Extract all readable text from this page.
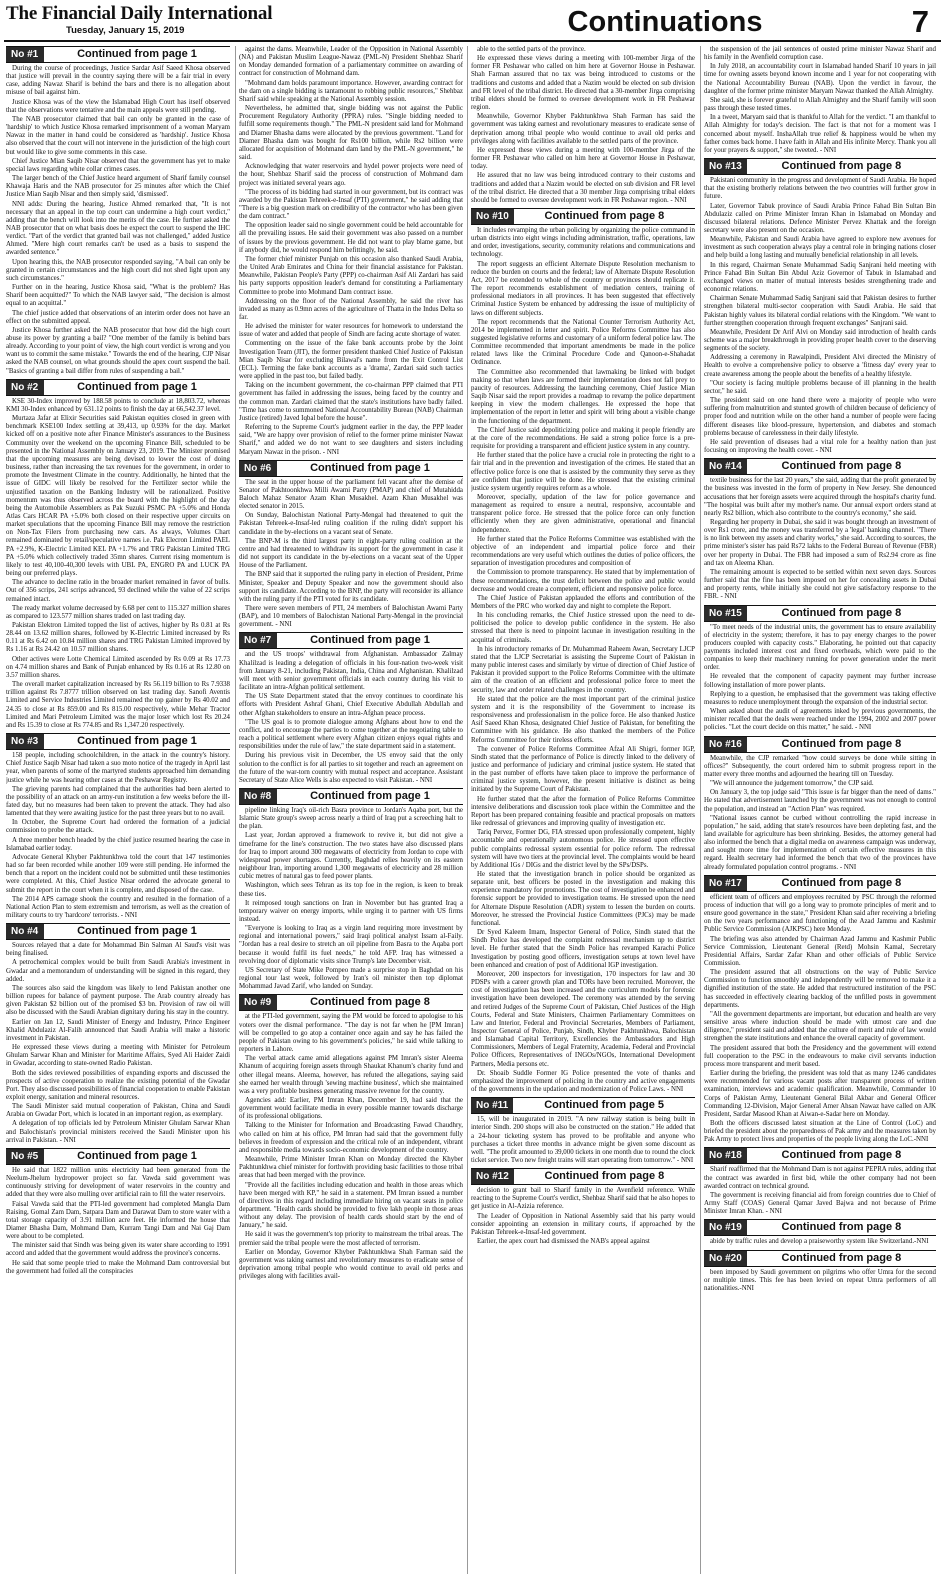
The Financial Daily International
Tuesday, January 15, 2019	Continuations	7
No #1	Continued from page 1

During the course of proceedings, Justice Sardar Asif Saeed Khosa observed that justice will prevail in the country saying there will be a fair trial in every case, adding Nawaz Sharif is behind the bars and there is no allegation about misuse of bail against him.

Justice Khosa was of the view the Islamabad High Court has itself observed that the observations were tentative and the main appeals were still pending.

The NAB prosecutor claimed that bail can only be granted in the case of 'hardship' to which Justice Khosa remarked imprisonment of a woman Maryam Nawaz in the matter in hand could be considered as 'hardship'. Justice Khosa also observed that the court will not intervene in the jurisdiction of the high court but would like to give some comments in this case.

Chief Justice Mian Saqib Nisar observed that the government has yet to make special laws regarding white collar crimes cases.

The larger bench of the Chief Justice heard argument of Sharif family counsel Khawaja Haris and the NAB prosecutor for 25 minutes after which the Chief Justice Mian Saqib Nisar and then simply said, 'dismissed'.

NNI adds: During the hearing, Justice Ahmed remarked that, "It is not necessary that an appeal in the top court can undermine a high court verdict," adding that the bench will look into the merits of the case. He further asked the NAB prosecutor that on what basis does he expect the court to suspend the IHC verdict. "Part of the verdict that granted bail was not challenged," added Justice Ahmed. "Mere high court remarks can't be used as a basis to suspend the awarded sentence."

Upon hearing this, the NAB prosecutor responded saying, "A bail can only be granted in certain circumstances and the high court did not shed light upon any such circumstances."

Further on in the hearing, Justice Khosa said, "What is the problem? Has Sharif been acquitted?" To which the NAB lawyer said, "The decision is almost equal to an acquittal."

The chief justice added that observations of an interim order does not have an effect on the submitted appeal.

Justice Khosa further asked the NAB prosecutor that how did the high court abuse its power by granting a bail? "One member of the family is behind bars already. According to your point of view, the high court verdict is wrong and you want us to commit the same mistake." Towards the end of the hearing, CJP Nisar asked the NAB counsel, on what grounds should the apex court suspend the bail. "Basics of granting a bail differ from rules of suspending a bail."

No #2	Continued from page 1

KSE 30-Index improved by 188.58 points to conclude at 18,803.72, whereas KMI 30-Index enhanced by 631.12 points to finish the day at 66,542.37 level.

Murtaza Jafar at Elixir Securities said Pakistan equities closed in green with benchmark KSE100 Index settling at 39,413, up 0.93% for the day. Market kicked off on a positive note after Finance Minister's assurances to the Business Community over the weekend on the upcoming Finance Bill, scheduled to be presented in the National Assembly on January 23, 2019. The Minister promised that the upcoming measures are being devised to lower the cost of doing business, rather than increasing the tax revenues for the government, in order to promote the Investment Climate in the country. Additionally, he hinted that the issue of GIDC will likely be resolved for the Fertilizer sector while the unjustified taxation on the Banking Industry will be rationalized. Positive momentum was thus observed across the board with the highlight of the day being the Automobile Assemblers as Pak Suzuki PSMC PA +5.0% and Honda Atlas Cars HCAR PA +5.0% both closed on their respective upper circuits on market speculations that the upcoming Finance Bill may remove the restriction on Non-Tax Filers from purchasing new cars. As always, Volumes Chart remained dominated by retail/speculative names i.e. Pak Elecron Limited PAEL PA +2.9%, K-Electric Limited KEL PA +1.7% and TRG Pakistan Limited TRG PA +5.0% which collectively traded 35mn shares. Current rising momentum is likely to test 40,100-40,300 levels with UBL PA, ENGRO PA and LUCK PA being our preferred plays.

The advance to decline ratio in the broader market remained in favor of bulls. Out of 356 scrips, 241 scrips advanced, 93 declined while the value of 22 scrips remained intact.

The ready market volume decreased by 6.68 per cent to 115.327 million shares as compared to 123.577 million shares traded on last trading day.

Pakistan Elektron Limited topped the list of actives, higher by Rs 0.81 at Rs 28.44 on 13.62 million shares, followed by K-Electric Limited increased by Rs 0.11 at Rs 6.42 on 10.84 million shares and TRG Pakistan Limited improved by Rs 1.16 at Rs 24.42 on 10.57 million shares.

Other actives were Lotte Chemical Limited ascended by Rs 0.09 at Rs 17.73 on 4.74 million shares and Bank of Punjab enhanced by Rs 0.16 at Rs 12.80 on 3.57 million shares.

The overall market capitalization increased by Rs 56.119 billion to Rs 7.9338 trillion against Rs 7.8777 trillion observed on last trading day. Sanofi Aventis Limited and Service Industries Limited remained the top gainer by Rs 40.02 and 24.35 to close at Rs 859.00 and Rs 815.00 respectively, while Mehar Tractor Limited and Mari Petroleum Limited was the major loser which lost Rs 20.24 and Rs 15.39 to close at Rs 774.85 and Rs 1,347.20 respectively.

No #3	Continued from page 1

158 people, including schoolchildren, in the attack in the country's history. Chief Justice Saqib Nisar had taken a suo moto notice of the tragedy in April last year, when parents of some of the martyred students approached him demanding justice while he was hearing other cases at the Peshawar Registry.

The grieving parents had complained that the authorities had been alerted to the possibility of an attack on an army-run institution a few weeks before the ill-fated day, but no measures had been taken to prevent the attack. They had also lamented that they were awaiting justice for the past three years but to no avail.

In October, the Supreme Court had ordered the formation of a judicial commission to probe the attack.

A three member bench headed by the chief justice resumed hearing the case in Islamabad earlier today.

Advocate General Khyber Pakhtunkhwa told the court that 147 testimonies had so far been recorded while another 109 were still pending. He informed the bench that a report on the incident could not be submitted until these testimonies were completed. At this, Chief Justice Nisar ordered the advocate general to submit the report in the court when it is complete, and disposed of the case.

The 2014 APS carnage shook the country and resulted in the formation of a National Action Plan to stem extremism and terrorism, as well as the creation of military courts to try 'hardcore' terrorists. - NNI

No #4	Continued from page 1

Sources relayed that a date for Mohammad Bin Salman Al Saud's visit was being finalised.

A petrochemical complex would be built from Saudi Arabia's investment in Gwadar and a memorandum of understanding will be signed in this regard, they added.

The sources also said the kingdom was likely to lend Pakistan another one billion rupees for balance of payment purpose. The Arab country already has given Pakistan $2 billion out of the promised $3 bn. Provision of raw oil will also be discussed with the Saudi Arabian dignitary during his stay in the country.

Earlier on Jan 12, Saudi Minister of Energy and Industry, Prince Engineer Khalid Abdulaziz Al-Falih announced that Saudi Arabia will make a historic investment in Pakistan.

He expressed these views during a meeting with Minister for Petroleum Ghulam Sarwar Khan and Minister for Maritime Affairs, Syed Ali Haider Zaidi in Gwadar, according to state-owned Radio Pakistan.

Both the sides reviewed possibilities of expanding exports and discussed the prospects of active cooperation to realize the existing potential of the Gwadar Port. They also discussed possibilities of financial cooperation to enable Pakistan exploit energy, sanitation and mineral resources.

The Saudi Minister said mutual cooperation of Pakistan, China and Saudi Arabia on Gwadar Port, which is located in an important region, as exemplary.

A delegation of top officials led by Petroleum Minister Ghulam Sarwar Khan and Balochistan's provincial ministers received the Saudi Minister upon his arrival in Pakistan. - NNI

No #5	Continued from page 1

He said that 1822 million units electricity had been generated from the Neelum-Jhelum hydropower project so far. Vawda said government was continuously striving for development of water reservoirs in the country and added that they were also mulling over artificial rain to fill the water reservoirs.

Faisal Vawda said that the PTI-led government had completed Mangla Dam Raising, Gomal Zam Dam, Satpara Dam and Darawat Dam to store water with a total storage capacity of 3.91 million acre feet. He informed the house that Diamer Bhasha Dam, Mohmand Dam, Kurram Tangi Dam and Nai Gaj Dam were about to be completed.

The minister said that Sindh was being given its water share according to 1991 accord and added that the government would address the province's concerns.

He said that some people tried to make the Mohmand Dam controversial but the government had foiled all the conspiracies

against the dams. Meanwhile, Leader of the Opposition in National Assembly (NA) and Pakistan Muslim League-Nawaz (PML-N) President Shehbaz Sharif on Monday demanded formation of a parliamentary committee on awarding of contract for construction of Mohmand dam.

"Mohmand dam holds paramount importance. However, awarding contract for the dam on a single bidding is tantamount to robbing public resources," Shehbaz Sharif said while speaking at the National Assembly session.

Nevertheless, he admitted that, single bidding was not against the Public Procurement Regulatory Authority (PPRA) rules. "Single bidding needed to fulfill some requirements though." The PML-N president said land for Mohmand and Diamer Bhasha dams were allocated by the previous government. "Land for Diamer Bhasha dam was bought for Rs100 billion, while Rs2 billion were allocated for acquisition of Mohmand dam land by the PML-N government," he said.

Acknowledging that water reservoirs and hydel power projects were need of the hour, Shehbaz Sharif said the process of construction of Mohmand dam project was initiated several years ago.

"The process of its bidding had started in our government, but its contract was awarded by the Pakistan Tehreek-e-Insaf (PTI) government," he said adding that "There is a big question mark on credibility of the contractor who has been given the dam contract."

The opposition leader said no single government could be held accountable for all the prevailing issues. He said their government was also passed on a number of issues by the previous government. He did not want to play blame game, but if anybody did, he would respond him befittingly, he said.

The former chief minister Punjab on this occasion also thanked Saudi Arabia, the United Arab Emirates and China for their financial assistance for Pakistan. Meanwhile, Pakistan People's Party (PPP) co-chairman Asif Ali Zardari has said his party supports opposition leader's demand for constituting a Parliamentary Committee to probe into Mohmand Dam contract issue.

Addressing on the floor of the National Assembly, he said the river has invaded as many as 0.9mn acres of the agriculture of Thatta in the Indus Delta so far.

He advised the minister for water resources for homework to understand the issue of water and added that people of Sindh are facing acute shortage of water.

Commenting on the issue of the fake bank accounts probe by the Joint Investigation Team (JIT), the former president thanked Chief Justice of Pakistan Mian Saqib Nisar for excluding Bilawal's name from the Exit Control List (ECL). Terming the fake bank accounts as a 'drama', Zardari said such tactics were applied in the past too, but failed badly.

Taking on the incumbent government, the co-chairman PPP claimed that PTI government has failed in addressing the issues, being faced by the country and the common man. Zardari claimed that the state's institutions have badly failed. "Time has come to summoned National Accountability Bureau (NAB) Chairman Justice (retired) Javed Iqbal before the house".

Referring to the Supreme Court's judgment earlier in the day, the PPP leader said, "We are happy over provision of relief to the former prime minister Nawaz Sharif," and added we do not want to see daughters and sisters including Maryam Nawaz in the prison. - NNI

No #6	Continued from page 1

The seat in the upper house of the parliament fell vacant after the demise of Senator of Pakhtoonkhwa Milli Awami Party (PMAP) and chief of Mutahidda Baloch Mahaz Senator Azam Khan Musakhel. Azam Khan Musakhel was elected senator in 2015.

On Sunday, Balochistan National Party-Mengal had threatened to quit the Pakistan Tehreek-e-Insaf-led ruling coalition if the ruling didn't support his candidate in the by-elections on a vacant seat of Senate.

The BNP-M is the third largest party in eight-party ruling coalition at the centre and had threatened to withdraw its support for the government in case it did not support its candidate in the by-elections on a vacant seat of the Upper House of the Parliament.

The BNP said that it supported the ruling party in election of President, Prime Minister, Speaker and Deputy Speaker and now the government should also support its candidate. According to the BNP, the party will reconsider its alliance with the ruling party if the PTI voted for its candidate.

There were seven members of PTI, 24 members of Balochistan Awami Party (BAP), and 10 members of Balochistan National Party-Mengal in the provincial government. - NNI

No #7	Continued from page 1

and the US troops' withdrawal from Afghanistan. Ambassador Zalmay Khalilzad is leading a delegation of officials in his four-nation two-week visit from January 8-21, including Pakistan, India, China and Afghanistan. Khalilzad will meet with senior government officials in each country during his visit to facilitate an intra-Afghan political settlement.

The US State Department stated that the envoy continues to coordinate his efforts with President Ashraf Ghani, Chief Executive Abdullah Abdullah and other Afghan stakeholders to ensure an intra-Afghan peace process.

"The US goal is to promote dialogue among Afghans about how to end the conflict, and to encourage the parties to come together at the negotiating table to reach a political settlement where every Afghan citizen enjoys equal rights and responsibilities under the rule of law," the state department said in a statement.

During his previous visit in December, the US envoy said that the only solution to the conflict is for all parties to sit together and reach an agreement on the future of the war-torn country with mutual respect and acceptance. Assistant Secretary of State Alice Wells is also expected to visit Pakistan. - NNI

No #8	Continued from page 1

pipeline linking Iraq's oil-rich Basra province to Jordan's Aqaba port, but the Islamic State group's sweep across nearly a third of Iraq put a screeching halt to the plan.

Last year, Jordan approved a framework to revive it, but did not give a timeframe for the line's construction. The two states have also discussed plans for Iraq to import around 300 megawatts of electricity from Jordan to cope with widespread power shortages. Currently, Baghdad relies heavily on its eastern neighbour Iran, importing around 1,300 megawatts of electricity and 28 million cubic metres of natural gas to feed power plants.

Washington, which sees Tehran as its top foe in the region, is keen to break these ties.

It reimposed tough sanctions on Iran in November but has granted Iraq a temporary waiver on energy imports, while urging it to partner with US firms instead.

"Everyone is looking to Iraq as a virgin land requiring more investment by regional and international powers," said Iraqi political analyst Issam al-Faily. "Jordan has a real desire to stretch an oil pipeline from Basra to the Aqaba port because it would fulfil its fuel needs," he told AFP. Iraq has witnessed a revolving door of diplomatic visits since Trump's late December visit.

US Secretary of State Mike Pompeo made a surprise stop in Baghdad on his regional tour last week, followed by Iran's oil minister then top diplomat Mohammad Javad Zarif, who landed on Sunday.

No #9	Continued from page 8

at the PTI-led government, saying the PM would be forced to apologise to his voters over the dismal performance. "The day is not far when he [PM Imran] will be compelled to go atop a container once again and say he has failed the people of Pakistan owing to his government's policies," he said while talking to reporters in Lahore.

The verbal attack came amid allegations against PM Imran's sister Aleema Khanum of acquiring foreign assets through Shaukat Khanum's charity fund and other illegal means. Aleema, however, has refuted the allegations, saying said she earned her wealth through 'sewing machine business', which she maintained was a very profitable business generating massive revenue for the country.

Agencies add: Earlier, PM Imran Khan, December 19, had said that the government would facilitate media in every possible manner towards discharge of its professional obligations.

Talking to the Minister for Information and Broadcasting Fawad Chaudhry, who called on him at his office, PM Imran had said that the government fully believes in freedom of expression and the critical role of an independent, vibrant and responsible media towards socio-economic development of the country.

Meanwhile, Prime Minister Imran Khan on Monday directed the Khyber Pakhtunkhwa chief minister for forthwith providing basic facilities to those tribal areas that had been merged with the province.

"Provide all the facilities including education and health in those areas which have been merged with KP," he said in a statement. PM Imran issued a number of directives in this regard including immediate hiring on vacant seats in police department. "Health cards should be provided to five lakh people in those areas without any delay. The provision of health cards should start by the end of January," he said.

He said it was the government's top priority to mainstream the tribal areas. The premier said the tribal people were the most affected of terrorism.

Earlier on Monday, Governor Khyber Pakhtunkhwa Shah Farman said the government was taking earnest and revolutionary measures to eradicate sense of deprivation among tribal people who would continue to avail old perks and privileges along with facilities avail-

able to the settled parts of the province.

He expressed these views during a meeting with 100-member Jirga of the former FR Peshawar who called on him here at Governor House in Peshawar. Shah Farman assured that no tax was being introduced to customs or the traditions and customs and added that a Nazim would be elected on sub division and FR level of the tribal district. He directed that a 30-member Jirga comprising tribal elders should be formed to oversee development work in FR Peshawar region.

Meanwhile, Governor Khyber Pakhtunkhwa Shah Farman has said the government was taking earnest and revolutionary measures to eradicate sense of deprivation among tribal people who would continue to avail old perks and privileges along with facilities available to the settled parts of the province.

He expressed these views during a meeting with 100-member Jirga of the former FR Peshawar who called on him here at Governor House in Peshawar, today.

He assured that no law was being introduced contrary to their customs and traditions and added that a Nazim would be elected on sub division and FR level of the tribal district. He directed that a 30 member Jirga comprising tribal elders should be formed to oversee development work in FR Peshawar region. - NNI

No #10	Continued from page 8

It includes revamping the urban policing by organizing the police command in urban districts into eight wings including administration, traffic, operations, law and order, investigations, security, community relations and communications and technology.

The report suggests an efficient Alternate Dispute Resolution mechanism to reduce the burden on courts and the federal; law of Alternate Dispute Resolution Act, 2017 be extended to whole of the country or provinces should replicate it. The report recommends establishment of mediation centers, training of professional mediators in all provinces. It has been suggested that effectively Criminal Justice System be enhanced by addressing the issue of multiplicity of laws on different subjects.

The report recommends that the National Counter Terrorism Authority Act, 2014 be implemented in letter and spirit. Police Reforms Committee has also suggested legislative reforms and customary of a uniform federal police law. The Committee recommended that important amendments be made in the police related laws like the Criminal Procedure Code and Qanoon-e-Shahadat Ordinance.

The Committee also recommended that lawmaking be linked with budget making so that when laws are formed their implementation does not fall prey to paucity of resources. Addressing the launching ceremony, Chief Justice Mian Saqib Nisar said the report provides a roadmap to revamp the police department keeping in view the modern challenges. He expressed the hope that implementation of the report in letter and spirit will bring about a visible change in the functioning of the department.

The Chief Justice said depoliticizing police and making it people friendly are at the core of the recommendations. He said a strong police force is a pre-requisite for providing a transparent and efficient justice system in any country.

He further stated that the police have a crucial role in protecting the right to a fair trial and in the prevention and investigation of the crimes. He stated that an effective police force is one that is assisted by the community they serve as they are confident that justice will be done. He stressed that the existing criminal justice system urgently requires reform as a whole.

Moreover, specially, updation of the law for police governance and management as required to ensure a neutral, responsive, accountable and transparent police force. He stressed that the police force can only function efficiently when they are given administrative, operational and financial independence.

He further stated that the Police Reforms Committee was established with the objective of an independent and impartial police force and their recommendations are very useful which outlines the duties of police officers, the separation of investigation procedures and composition of

the Commission to promote transparency. He stated that by implementation of these recommendations, the trust deficit between the police and public would decrease and would create a competent, efficient and responsive police force.

The Chief Justice of Pakistan applauded the efforts and contribution of the Members of the PRC who worked day and night to complete the Report.

In his concluding remarks, the Chief Justice stressed upon the need to de-politicised the police to develop public confidence in the system. He also stressed that there is need to pinpoint lacunae in investigation resulting in the acquittal of criminals.

In his introductory remarks of Dr. Muhammad Raheem Awan, Secretary LJCP stated that the LJCP Secretariat is assisting the Supreme Court of Pakistan in many public interest cases and similarly by virtue of direction of Chief Justice of Pakistan it provided support to the Police Reforms Committee with the ultimate aim of the creation of an efficient and professional police force to meet the security, law and order related challenges in the country.

He stated that the police are the most important part of the criminal justice system and it is the responsibility of the Government to increase its responsiveness and professionalism in the police force. He also thanked Justice Asif Saeed Khan Khosa, designated Chief Justice of Pakistan, for benefiting the Committee with his guidance. He also thanked the members of the Police Reforms Committee for their tireless efforts.

The convener of Police Reforms Committee Afzal Ali Shigri, former IGP, Sindh stated that the performance of Police is directly linked to the delivery of justice and performance of judiciary and criminal justice system. He stated that in the past number of efforts have taken place to improve the performance of criminal justice system, however, the present initiative is distinct as being initiated by the Supreme Court of Pakistan.

He further stated that the after the formation of Police Reforms Committee intensive deliberations and discussion took place within the Committee and the Report has been prepared containing feasible and practical proposals on matters like redressal of grievances and improving quality of investigation etc.

Tariq Pervez, Former DG, FIA stressed upon professionally competent, highly accountable and operationally autonomous police. He stressed upon effective public complaints redressal system essential for police reform. The redressal system will have two tiers at the provincial level. The complaints would be heard by Additional IGs / DIGs and the district level by the SPs/DSPs.

He stated that the investigation branch in police should be organized as separate unit, best officers be posted in the investigation and making this experience mandatory for promotions. The cost of investigation be enhanced and forensic support be provided to investigation teams. He stressed upon the need for Alternate Dispute Resolution (ADR) system to lessen the burden on courts. Moreover, he stressed the Provincial Justice Committees (PJCs) may be made functional.

Dr Syed Kaleem Imam, Inspector General of Police, Sindh stated that the Sindh Police has developed the complaint redressal mechanism up to district level. He further stated that the Sindh Police has revamped Karachi Police Investigation by posting good officers, investigation setups at town level have been enhanced and creation of post of Additional IGP investigation.

Moreover, 200 inspectors for investigation, 170 inspectors for law and 30 PDSPs with a career growth plan and TORs have been recruited. Moreover, the cost of investigation has been increased and the curriculum models for forensic investigation have been developed. The ceremony was attended by the serving and retired Judges of the Supreme Court of Pakistan, Chief Justices of the High Courts, Federal and State Ministers, Chairmen Parliamentary Committees on Law and Interior, Federal and Provincial Secretaries, Members of Parliament, Inspector General of Police, Punjab, Sindh, Khyber Pakhtunkhwa, Balochistan and Islamabad Capital Territory, Excellencies the Ambassadors and High Commissioners, Members of Legal Fraternity, Academia, Federal and Provincial Police Officers, Representatives of INGOs/NGOs, International Development Partners, Media persons etc.

Dr. Shoaib Suddle Former IG Police presented the vote of thanks and emphasized the improvement of policing in the country and active engagements of the governments in the updation and modernization of Police Laws. - NNI

No #11	Continued from page 5

15, will be inaugurated in 2019. "A new railway station is being built in interior Sindh. 200 shops will also be constructed on the station." He added that a 24-hour ticketing system has proved to be profitable and anyone who purchases a ticket three months in advance might be given some discount as well. "The profit amounted to 39,000 tickets in one month due to round the clock ticket service. Two new freight trains will start operating from tomorrow." - NNI

No #12	Continued from page 8

decision to grant bail to Sharif family in the Avenfield reference. While reacting to the Supreme Court's verdict, Shehbaz Sharif said that he also hopes to get justice in Al-Azizia reference.

The Leader of Opposition in National Assembly said that his party would consider appointing an extension in military courts, if approached by the Pakistan Tehreek-e-Insaf-led government.

Earlier, the apex court had dismissed the NAB's appeal against

the suspension of the jail sentences of ousted prime minister Nawaz Sharif and his family in the Avenfield corruption case.

In July 2018, an accountability court in Islamabad handed Sharif 10 years in jail time for owning assets beyond known income and 1 year for not cooperating with the National Accountability Bureau (NAB). Upon the verdict in favour, the daughter of the former prime minister Maryam Nawaz thanked the Allah Almighty.

She said, she is forever grateful to Allah Almighty and the Sharif family will soon pass through these tested times.

In a tweet, Maryam said that is thankful to Allah for the verdict. "I am thankful to Allah Almighty for today's decision. The fact is that not for a moment was I concerned about myself. InshaAllah true relief & happiness would be when my father comes back home. I have faith in Allah and His infinite Mercy. Thank you all for your prayers & support," she tweeted. - NNI

No #13	Continued from page 8

Pakistani community in the progress and development of Saudi Arabia. He hoped that the existing brotherly relations between the two countries will further grow in future.

Later, Governor Tabuk province of Saudi Arabia Prince Fahad Bin Sultan Bin Abdulaziz called on Prime Minister Imran Khan in Islamabad on Monday and discussed bilateral relations. Defence Minister Pervez Khattak and the foreign secretary were also present on the occasion.

Meanwhile, Pakistan and Saudi Arabia have agreed to explore new avenues for investment as such cooperation always play a central role in bringing nations closer and help build a long lasting and mutually beneficial relationship in all levels.

In this regard, Chairman Senate Muhammad Sadiq Sanjrani held meeting with Prince Fahad Bin Sultan Bin Abdul Aziz Governor of Tabuk in Islamabad and exchanged views on matter of mutual interests besides strengthening trade and economic relations.

Chairman Senate Muhammad Sadiq Sanjrani said that Pakistan desires to further strengthen bilateral multi-sector cooperation with Saudi Arabia. He said that Pakistan highly values its bilateral cordial relations with the Kingdom. "We want to further strengthen cooperation through frequent exchanges" Sanjrani said.

Meanwhile, President Dr Arif Alvi on Monday said introduction of health cards scheme was a major breakthrough in providing proper health cover to the deserving segments of the society.

Addressing a ceremony in Rawalpindi, President Alvi directed the Ministry of Health to evolve a comprehensive policy to observe a 'fitness day' every year to create awareness among the people about the benefits of a healthy lifestyle.

"Our society is facing multiple problems because of ill planning in the health sector," he said.

The president said on one hand there were a majority of people who were suffering from malnutrition and stunted growth of children because of deficiency of proper food and nutrition while on the other hand a number of people were facing different diseases like blood-pressure, hypertension, and diabetes and stomach problems because of carelessness in their daily lifestyle.

He said prevention of diseases had a vital role for a healthy nation than just focusing on improving the health cover. - NNI

No #14	Continued from page 8

textile business for the last 20 years," she said, adding that the profit generated by the business was invested in the form of property in New Jersey. She denounced accusations that her foreign assets were acquired through the hospital's charity fund. "The hospital was built after my mother's name. Our annual export orders stand at nearly Rs2 billion, which also contribute to the country's economy," she said.

Regarding her property in Dubai, she said it was bought through an investment of over Rs1 crore, and the money was transferred by a 'legal' banking channel. "There is no link between my assets and charity works," she said. According to sources, the prime minister's sister has paid Rs72 lakhs to the Federal Bureau of Revenue (FBR) over her property in Dubai. The FBR had imposed a sum of Rs2.94 crore as fine and tax on Aleema Khan.

The remaining amount is expected to be settled within next seven days. Sources further said that the fine has been imposed on her for concealing assets in Dubai and property rents, while initially she could not give satisfactory response to the FBR. - NNI

No #15	Continued from page 8

"To meet needs of the industrial units, the government has to ensure availability of electricity in the system; therefore, it has to pay energy charges to the power producers coupled with capacity costs." Elaborating, he pointed out that capacity payments included interest cost and fixed overheads, which were paid to the companies to keep their machinery running for power generation under the merit order.

He revealed that the component of capacity payment may further increase following installation of more power plants.

Replying to a question, he emphasised that the government was taking effective measures to reduce unemployment through the expansion of the industrial sector.

When asked about the audit of agreements inked by previous governments, the minister recalled that the deals were reached under the 1994, 2002 and 2007 power policies. "Let the court decide on this matter," he said. - NNI

No #16	Continued from page 8

Meanwhile, the CJP remarked "how could surveys be done while sitting in offices?" Subsequently, the court ordered him to submit progress report in the matter every three months and adjourned the hearing till on Tuesday.

"We will announce the judgement tomorrow," the CJP said.

On January 3, the top judge said "This issue is far bigger than the need of dams." He stated that advertisement launched by the government was not enough to control the population, and instead an "Action Plan" was required.

"National issues cannot be curbed without controlling the rapid increase in population," he said, adding that state's resources have been depleting fast, and the land available for agriculture has been shrinking. Besides, the attorney general had also informed the bench that a digital media on awareness campaign was underway, and sought more time for implementation of certain effective measures in this regard. Health secretary had informed the bench that two of the provinces have already formulated population control programs. - NNI

No #17	Continued from page 8

efficient team of officers and employees recruited by PSC through the reformed process of induction that will go a long way to promote principles of merit and to ensure good governance in the state," President Khan said after receiving a briefing on the two years performance and functioning of the Azad Jammu and Kashmir Public Service Commission (AJKPSC) here Monday.

The briefing was also attended by Chairman Azad Jammu and Kashmir Public Service Commission, Lieutenant General (Retd) Mohsin Kamal, Secretary Presidential Affairs, Sardar Zafar Khan and other officials of Public Service Commission.

The president assured that all obstructions on the way of Public Service Commission to function smoothly and independently will be removed to make it a dignified institution of the state. He added that restructured institution of the PSC has succeeded in effectively clearing backlog of the unfilled posts in government departments.

"All the government departments are important, but education and health are very sensitive areas where induction should be made with utmost care and due diligence," president said and added that the culture of merit and rule of law would strengthen the state institutions and enhance the overall capacity of government.

The president assured that both the Presidency and the government will extend full cooperation to the PSC in the endeavours to make civil servants induction process more transparent and merit based.

Earlier during the briefing, the president was told that as many 1246 candidates were recommended for various vacant posts after transparent process of written examination, interviews and academic qualification. Meanwhile, Commander 10 Corps of Pakistan Army, Lieutenant General Bilal Akbar and General Officer Commanding 12-Division, Major General Amer Ahsan Nawaz have called on AJK President, Sardar Masood Khan at Aiwan-e-Sadar here on Monday.

Both the officers discussed latest situation at the Line of Control (LoC) and briefed the president about the preparedness of Pak army and the measures taken by Pak Army to protect lives and properties of the people living along the LoC.-NNI

No #18	Continued from page 8

Sharif reaffirmed that the Mohmand Dam is not against PEPRA rules, adding that the contract was awarded in first bid, while the other company had not been awarded contract on technical ground.

The government is receiving financial aid from foreign countries due to Chief of Army Staff (COAS) General Qamar Javed Bajwa and not because of Prime Minister Imran Khan. - NNI

No #19	Continued from page 8

abide by traffic rules and develop a praiseworthy system like Switzerland.-NNI

No #20	Continued from page 8

been imposed by Saudi government on pilgrims who offer Umra for the second or multiple times. This fee has been levied on repeat Umra performers of all nationalities.-NNI
